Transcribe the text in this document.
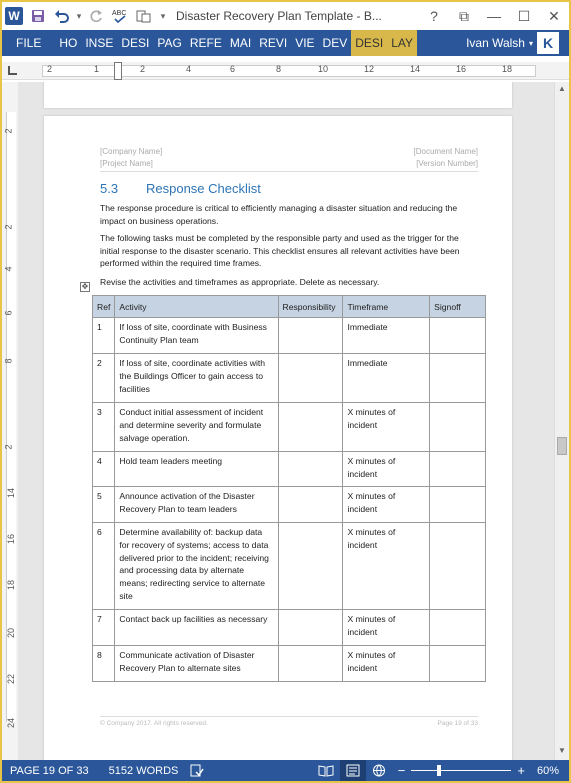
W	▾	ABC	▾ Disaster Recovery Plan Template - B...	?	⧉	—	☐	✕
FILE	HO INSE DESI PAG REFE MAI REVI VIE DEV DESI LAY	Ivan Walsh ▾ K
2	1	2	4	6	8	10	12	14	16	18
2
2
4
6
8
2
14
16
18
20
22
24
[Company Name]
[Project Name]
[Document Name]
[Version Number]
5.3 Response Checklist
The response procedure is critical to efficiently managing a disaster situation and reducing the impact on business operations.
The following tasks must be completed by the responsible party and used as the trigger for the initial response to the disaster scenario. This checklist ensures all relevant activities have been performed within the required time frames.
Revise the activities and timeframes as appropriate. Delete as necessary.
✥
Ref	Activity	Responsibility	Timeframe	Signoff
1	If loss of site, coordinate with Business Continuity Plan team		Immediate	
2	If loss of site, coordinate activities with the Buildings Officer to gain access to facilities		Immediate	
3	Conduct initial assessment of incident and determine severity and formulate salvage operation.		X minutes of incident	
4	Hold team leaders meeting		X minutes of incident	
5	Announce activation of the Disaster Recovery Plan to team leaders		X minutes of incident	
6	Determine availability of: backup data for recovery of systems; access to data delivered prior to the incident; receiving and processing data by alternate means; redirecting service to alternate site		X minutes of incident	
7	Contact back up facilities as necessary		X minutes of incident	
8	Communicate activation of Disaster Recovery Plan to alternate sites		X minutes of incident	
© Company 2017. All rights reserved.	Page 19 of 33
▲
▼
PAGE 19 OF 33	5152 WORDS	−	+	60%
